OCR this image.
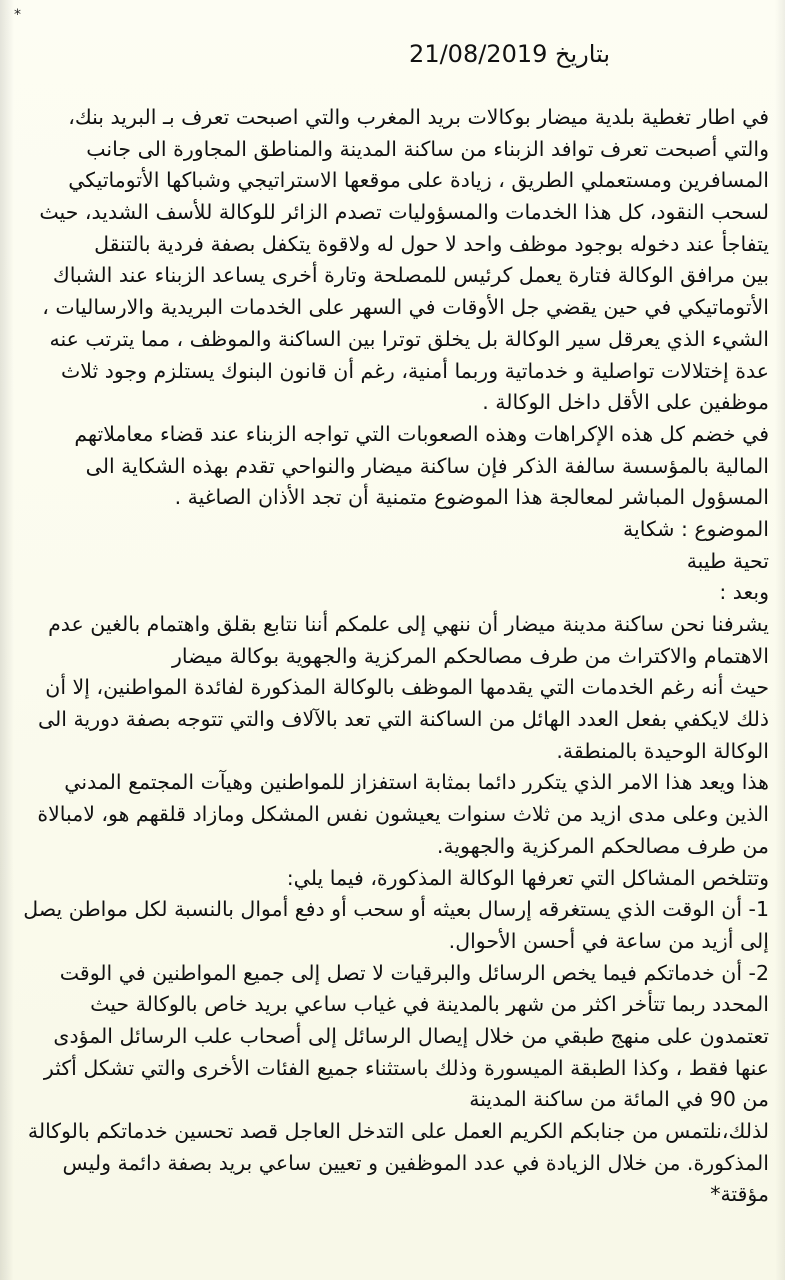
*
بتاريخ 21/08/2019
في اطار تغطية بلدية ميضار بوكالات بريد المغرب والتي اصبحت تعرف بـ البريد بنك،
والتي أصبحت تعرف توافد الزبناء من ساكنة المدينة والمناطق المجاورة الى جانب
المسافرين ومستعملي الطريق ، زيادة على موقعها الاستراتيجي وشباكها الأتوماتيكي
لسحب النقود، كل هذا الخدمات والمسؤوليات تصدم الزائر للوكالة للأسف الشديد، حيث
يتفاجأ عند دخوله بوجود موظف واحد لا حول له ولاقوة يتكفل بصفة فردية بالتنقل
بين مرافق الوكالة فتارة يعمل كرئيس للمصلحة وتارة أخرى يساعد الزبناء عند الشباك
الأتوماتيكي في حين يقضي جل الأوقات في السهر على الخدمات البريدية والارساليات ،
الشيء الذي يعرقل سير الوكالة بل يخلق توترا بين الساكنة والموظف ، مما يترتب عنه
عدة إختلالات تواصلية و خدماتية وربما أمنية، رغم أن قانون البنوك يستلزم وجود ثلاث
موظفين على الأقل داخل الوكالة .
في خضم كل هذه الإكراهات وهذه الصعوبات التي تواجه الزبناء عند قضاء معاملاتهم
المالية بالمؤسسة سالفة الذكر فإن ساكنة ميضار والنواحي تقدم بهذه الشكاية الى
المسؤول المباشر لمعالجة هذا الموضوع متمنية أن تجد الأذان الصاغية .
الموضوع : شكاية
تحية طيبة
وبعد :
يشرفنا نحن ساكنة مدينة ميضار أن ننهي إلى علمكم أننا نتابع بقلق واهتمام بالغين عدم
الاهتمام والاكتراث من طرف مصالحكم المركزية والجهوية بوكالة ميضار
حيث أنه رغم الخدمات التي يقدمها الموظف بالوكالة المذكورة لفائدة المواطنين، إلا أن
ذلك لايكفي بفعل العدد الهائل من الساكنة التي تعد بالآلاف والتي تتوجه بصفة دورية الى
الوكالة الوحيدة بالمنطقة.
هذا ويعد هذا الامر الذي يتكرر دائما بمثابة استفزاز للمواطنين وهيآت المجتمع المدني
الذين وعلى مدى ازيد من ثلاث سنوات يعيشون نفس المشكل ومازاد قلقهم هو، لامبالاة
من طرف مصالحكم المركزية والجهوية.
وتتلخص المشاكل التي تعرفها الوكالة المذكورة، فيما يلي:
1- أن الوقت الذي يستغرقه إرسال بعيثه أو سحب أو دفع أموال بالنسبة لكل مواطن يصل
إلى أزيد من ساعة في أحسن الأحوال.
2- أن خدماتكم فيما يخص الرسائل والبرقيات لا تصل إلى جميع المواطنين في الوقت
المحدد ربما تتأخر اكثر من شهر بالمدينة في غياب ساعي بريد خاص بالوكالة حيث
تعتمدون على منهج طبقي من خلال إيصال الرسائل إلى أصحاب علب الرسائل المؤدى
عنها فقط ، وكذا الطبقة الميسورة وذلك باستثناء جميع الفئات الأخرى والتي تشكل أكثر
من 90 في المائة من ساكنة المدينة
لذلك،نلتمس من جنابكم الكريم العمل على التدخل العاجل قصد تحسين خدماتكم بالوكالة
المذكورة. من خلال الزيادة في عدد الموظفين و تعيين ساعي بريد بصفة دائمة وليس
مؤقتة*
